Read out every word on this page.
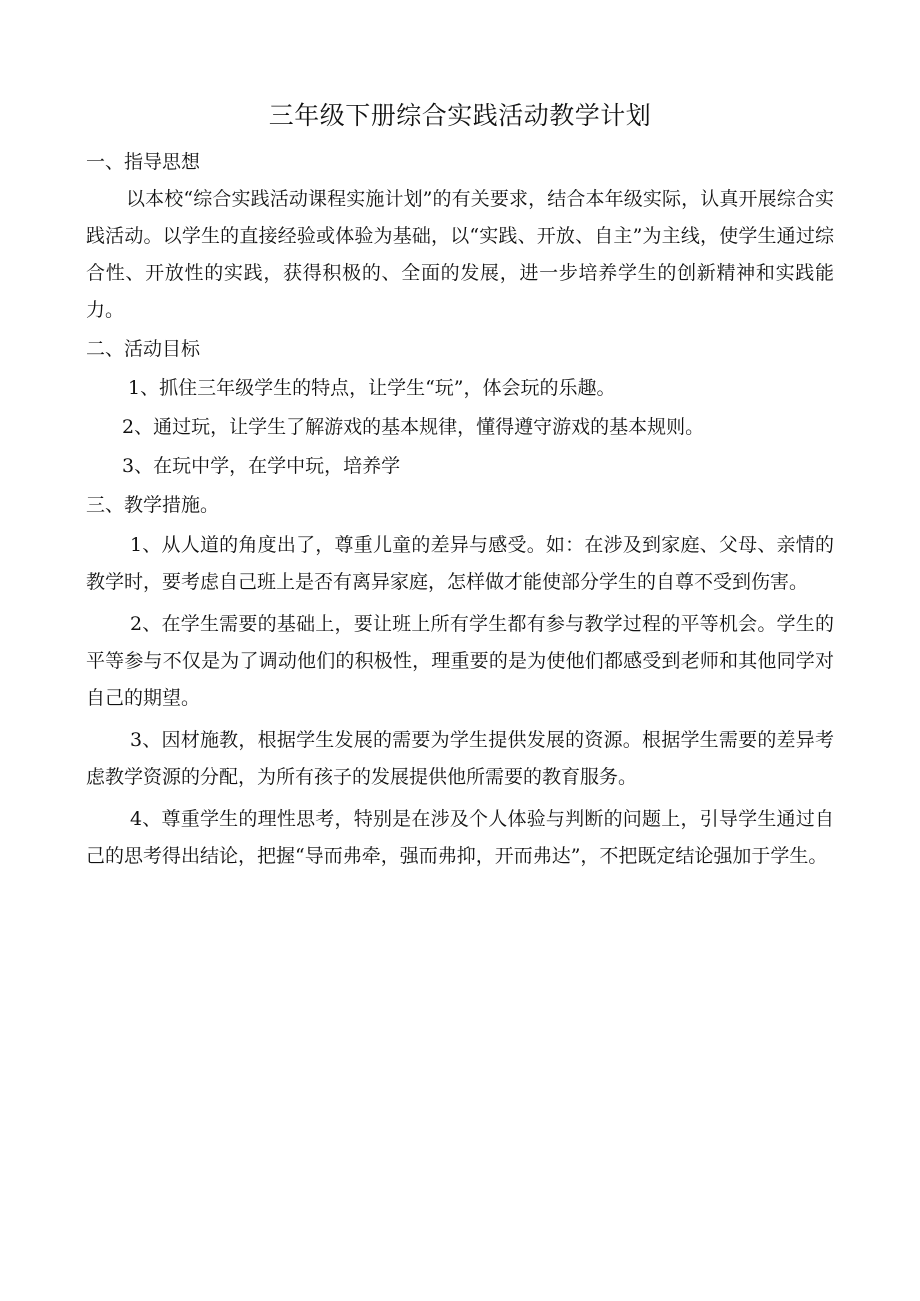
三年级下册综合实践活动教学计划
一、指导思想

以本校“综合实践活动课程实施计划”的有关要求，结合本年级实际，认真开展综合实践活动。以学生的直接经验或体验为基础，以“实践、开放、自主”为主线，使学生通过综合性、开放性的实践，获得积极的、全面的发展，进一步培养学生的创新精神和实践能力。

二、活动目标

1、抓住三年级学生的特点，让学生“玩”，体会玩的乐趣。

2、通过玩，让学生了解游戏的基本规律，懂得遵守游戏的基本规则。

3、在玩中学，在学中玩，培养学

三、教学措施。

1、从人道的角度出了，尊重儿童的差异与感受。如：在涉及到家庭、父母、亲情的教学时，要考虑自己班上是否有离异家庭，怎样做才能使部分学生的自尊不受到伤害。

2、在学生需要的基础上，要让班上所有学生都有参与教学过程的平等机会。学生的平等参与不仅是为了调动他们的积极性，理重要的是为使他们都感受到老师和其他同学对自己的期望。

3、因材施教，根据学生发展的需要为学生提供发展的资源。根据学生需要的差异考虑教学资源的分配，为所有孩子的发展提供他所需要的教育服务。

4、尊重学生的理性思考，特别是在涉及个人体验与判断的问题上，引导学生通过自己的思考得出结论，把握“导而弗牵，强而弗抑，开而弗达”，不把既定结论强加于学生。
